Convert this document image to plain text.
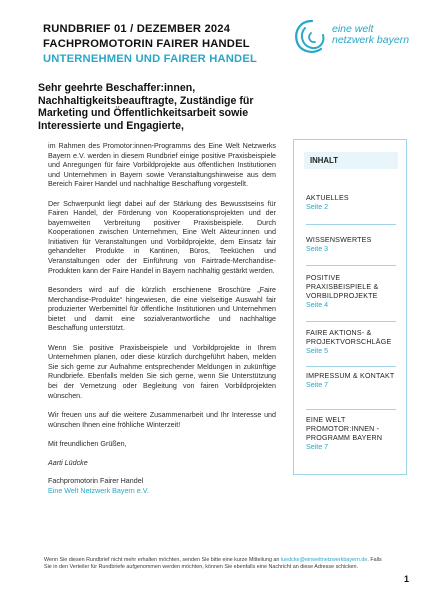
RUNDBRIEF 01 / DEZEMBER 2024
FACHPROMOTORIN FAIRER HANDEL
UNTERNEHMEN UND FAIRER HANDEL
eine welt
netzwerk bayern
Sehr geehrte Beschaffer:innen, Nachhaltigkeitsbeauftragte, Zuständige für Marketing und Öffentlichkeitsarbeit sowie Interessierte und Engagierte,

im Rahmen des Promotor:innen-Programms des Eine Welt Netzwerks Bayern e.V. werden in diesem Rundbrief einige positive Praxisbeispiele und Anregungen für faire Vorbildprojekte aus öffentlichen Institutionen und Unternehmen in Bayern sowie Veranstaltungshinweise aus dem Bereich Fairer Handel und nachhaltige Beschaffung vorgestellt.

Der Schwerpunkt liegt dabei auf der Stärkung des Bewusstseins für Fairen Handel, der Förderung von Kooperationsprojekten und der bayernweiten Verbreitung positiver Praxisbeispiele. Durch Kooperationen zwischen Unternehmen, Eine Welt Akteur:innen und Initiativen für Veranstaltungen und Vorbildprojekte, dem Einsatz fair gehandelter Produkte in Kantinen, Büros, Teeküchen und Veranstaltungen oder der Einführung von Fairtrade-Merchandise-Produkten kann der Faire Handel in Bayern nachhaltig gestärkt werden.

Besonders wird auf die kürzlich erschienene Broschüre „Faire Merchandise-Produkte“ hingewiesen, die eine vielseitige Auswahl fair produzierter Werbemittel für öffentliche Institutionen und Unternehmen bietet und damit eine sozialverantwortliche und nachhaltige Beschaffung unterstützt.

Wenn Sie positive Praxisbeispiele und Vorbildprojekte in Ihrem Unternehmen planen, oder diese kürzlich durchgeführt haben, melden Sie sich gerne zur Aufnahme entsprechender Meldungen in zukünftige Rundbriefe. Ebenfalls melden Sie sich gerne, wenn Sie Unterstützung bei der Vernetzung oder Begleitung von fairen Vorbildprojekten wünschen.

Wir freuen uns auf die weitere Zusammenarbeit und Ihr Interesse und wünschen Ihnen eine fröhliche Winterzeit!

Mit freundlichen Grüßen,

Aarti Lüdcke

Fachpromotorin Fairer Handel

Eine Welt Netzwerk Bayern e.V.

INHALT
AKTUELLES
Seite 2
WISSENSWERTES
Seite 3
POSITIVE PRAXISBEISPIELE & VORBILDPROJEKTE
Seite 4
FAIRE AKTIONS- & PROJEKTVORSCHLÄGE
Seite 5
IMPRESSUM & KONTAKT
Seite 7
EINE WELT PROMOTOR:INNEN - PROGRAMM BAYERN
Seite 7
Wenn Sie diesen Rundbrief nicht mehr erhalten möchten, senden Sie bitte eine kurze Mitteilung an luedcke@einweltnetzwerkbayern.de. Falls Sie in den Verteiler für Rundbriefe aufgenommen werden möchten, können Sie ebenfalls eine Nachricht an diese Adresse schicken.
1
